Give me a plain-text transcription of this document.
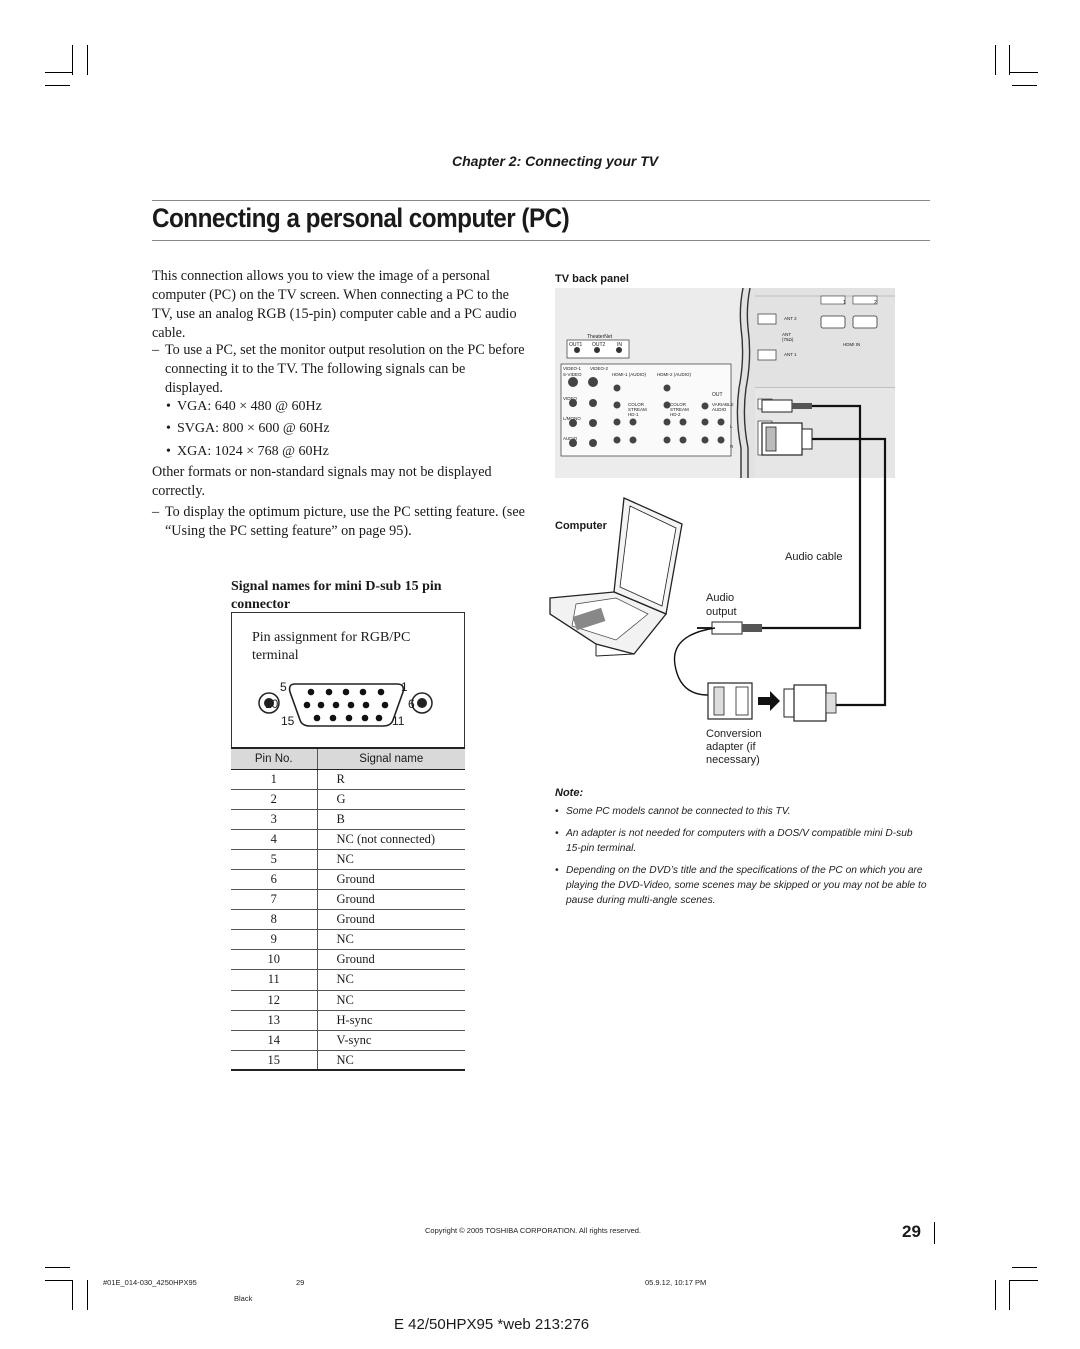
Chapter 2: Connecting your TV
Connecting a personal computer (PC)
This connection allows you to view the image of a personal computer (PC) on the TV screen. When connecting a PC to the TV, use an analog RGB (15-pin) computer cable and a PC audio cable.
– To use a PC, set the monitor output resolution on the PC before connecting it to the TV. The following signals can be displayed.
• VGA: 640 × 480 @ 60Hz
• SVGA: 800 × 600 @ 60Hz
• XGA: 1024 × 768 @ 60Hz
Other formats or non-standard signals may not be displayed correctly.
– To display the optimum picture, use the PC setting feature. (see “Using the PC setting feature” on page 95).
Signal names for mini D-sub 15 pin connector
Pin assignment for RGB/PC terminal
5	1
10	6
15	11
Pin No.	Signal name
1	R
2	G
3	B
4	NC (not connected)
5	NC
6	Ground
7	Ground
8	Ground
9	NC
10	Ground
11	NC
12	NC
13	H-sync
14	V-sync
15	NC
TV back panel
TheaterNet
OUT1 OUT2 IN
VIDEO-1 VIDEO-2
S-VIDEO	HDMI-1 (AUDIO) HDMI-2 (AUDIO)
VIDEO
L/MONO
AUDIO
COLOR STREAM HD-1
COLOR STREAM HD-2
VARIABLE AUDIO
OUT
ANT 2
ANT (75Ω)
ANT 1
HDMI IN
1	2
L
R
Computer
Audio cable
Audio output
Conversion adapter (if necessary)
Note:
• Some PC models cannot be connected to this TV.
• An adapter is not needed for computers with a DOS/V compatible mini D-sub 15-pin terminal.
• Depending on the DVD’s title and the specifications of the PC on which you are playing the DVD-Video, some scenes may be skipped or you may not be able to pause during multi-angle scenes.
Copyright © 2005 TOSHIBA CORPORATION. All rights reserved.	29
#01E_014-030_4250HPX95	29	05.9.12, 10:17 PM
Black
E 42/50HPX95 *web 213:276
